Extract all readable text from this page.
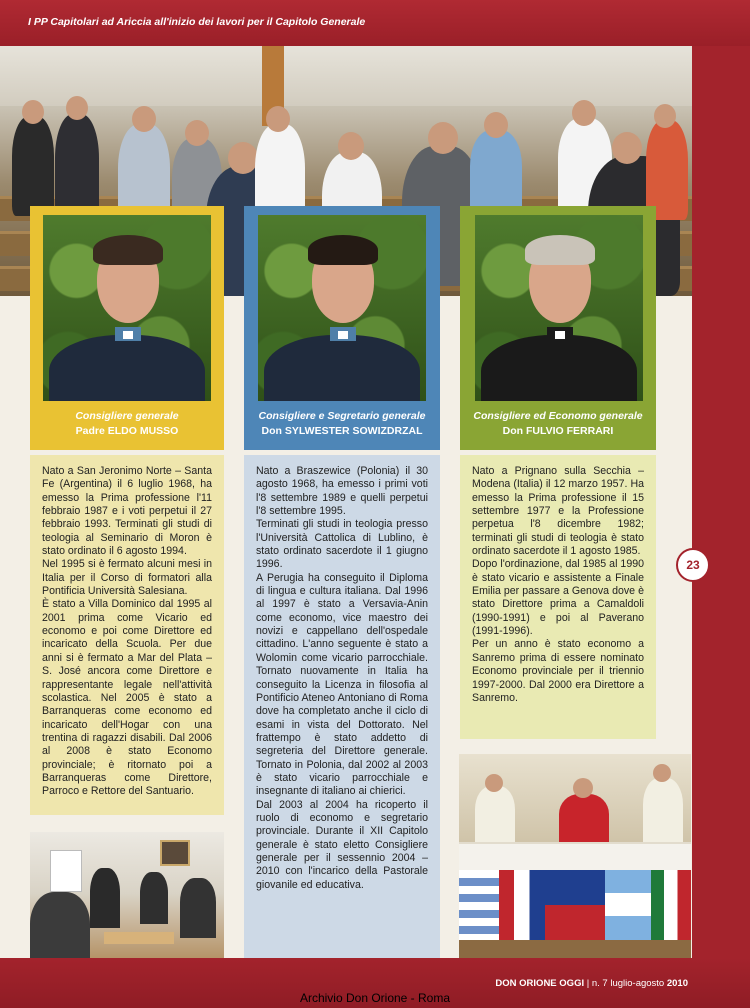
I PP Capitolari ad Ariccia all'inizio dei lavori per il Capitolo Generale
Consigliere generale
Padre ELDO MUSSO
Consigliere e Segretario generale
Don SYLWESTER SOWIZDRZAL
Consigliere ed Economo generale
Don FULVIO FERRARI

Nato a San Jeronimo Norte – Santa Fe (Argentina) il 6 luglio 1968, ha emesso la Prima professione l'11 febbraio 1987 e i voti perpetui il 27 febbraio 1993. Terminati gli studi di teologia al Seminario di Moron è stato ordinato il 6 agosto 1994.

Nel 1995 si è fermato alcuni mesi in Italia per il Corso di formatori alla Pontificia Università Salesiana.

È stato a Villa Dominico dal 1995 al 2001 prima come Vicario ed economo e poi come Direttore ed incaricato della Scuola. Per due anni si è fermato a Mar del Plata – S. José ancora come Direttore e rappresentante legale nell'attività scolastica. Nel 2005 è stato a Barranqueras come economo ed incaricato dell'Hogar con una trentina di ragazzi disabili. Dal 2006 al 2008 è stato Economo provinciale; è ritornato poi a Barranqueras come Direttore, Parroco e Rettore del Santuario.

Nato a Braszewice (Polonia) il 30 agosto 1968, ha emesso i primi voti l'8 settembre 1989 e quelli perpetui l'8 settembre 1995.

Terminati gli studi in teologia presso l'Università Cattolica di Lublino, è stato ordinato sacerdote il 1 giugno 1996.

A Perugia ha conseguito il Diploma di lingua e cultura italiana. Dal 1996 al 1997 è stato a Versavia-Anin come economo, vice maestro dei novizi e cappellano dell'ospedale cittadino. L'anno seguente è stato a Wolomin come vicario parrocchiale. Tornato nuovamente in Italia ha conseguito la Licenza in filosofia al Pontificio Ateneo Antoniano di Roma dove ha completato anche il ciclo di esami in vista del Dottorato. Nel frattempo è stato addetto di segreteria del Direttore generale. Tornato in Polonia, dal 2002 al 2003 è stato vicario parrocchiale e insegnante di italiano ai chierici.

Dal 2003 al 2004 ha ricoperto il ruolo di economo e segretario provinciale. Durante il XII Capitolo generale è stato eletto Consigliere generale per il sessennio 2004 – 2010 con l'incarico della Pastorale giovanile ed educativa.

Nato a Prignano sulla Secchia – Modena (Italia) il 12 marzo 1957. Ha emesso la Prima professione il 15 settembre 1977 e la Professione perpetua l'8 dicembre 1982; terminati gli studi di teologia è stato ordinato sacerdote il 1 agosto 1985.

Dopo l'ordinazione, dal 1985 al 1990 è stato vicario e assistente a Finale Emilia per passare a Genova dove è stato Direttore prima a Camaldoli (1990-1991) e poi al Paverano (1991-1996).

Per un anno è stato economo a Sanremo prima di essere nominato Economo provinciale per il triennio 1997-2000. Dal 2000 era Direttore a Sanremo.

23
DON ORIONE OGGI | n. 7 luglio-agosto 2010
Archivio Don Orione - Roma
